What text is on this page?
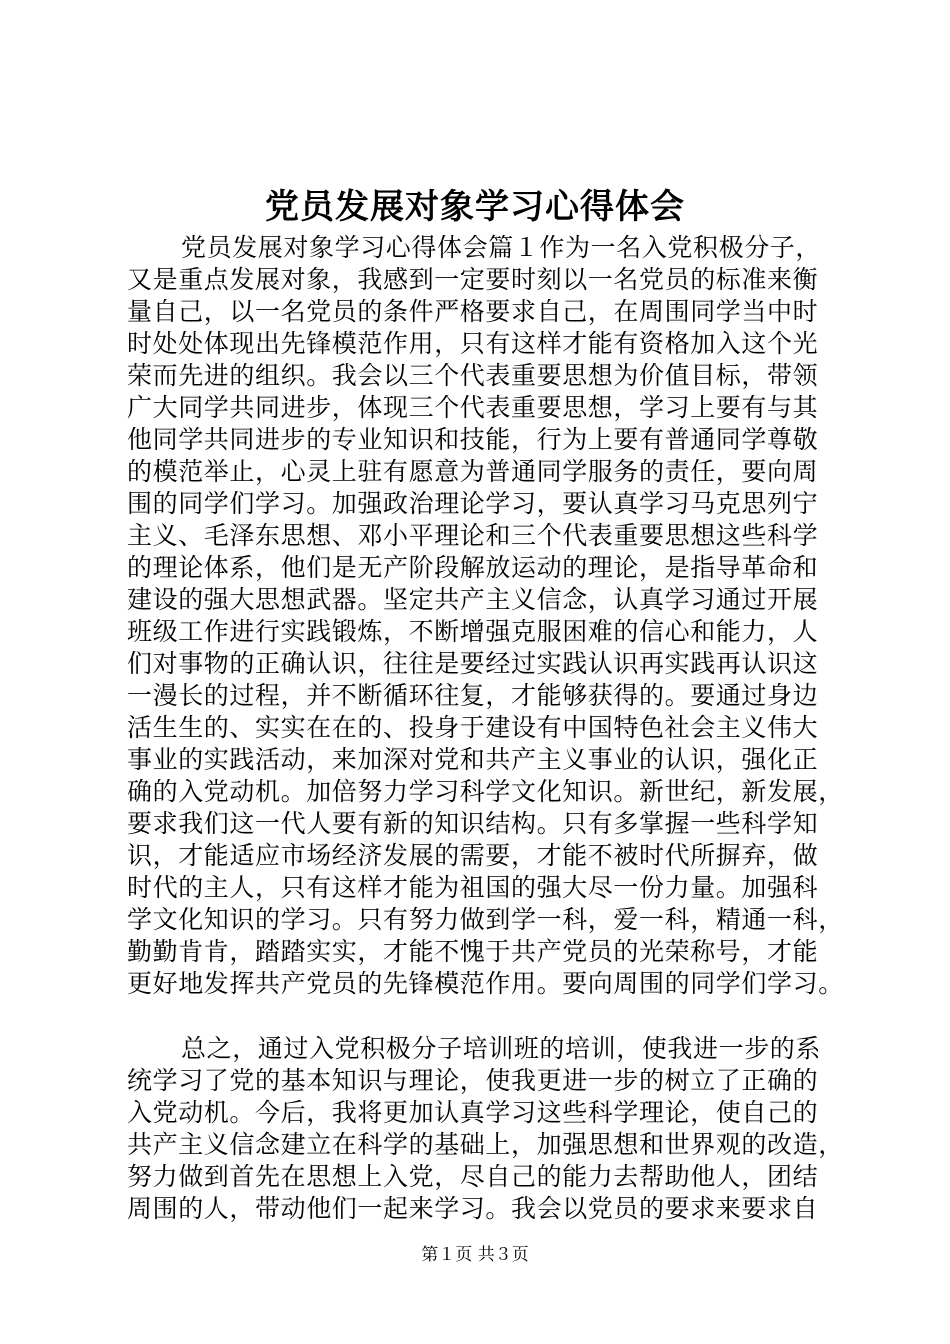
党员发展对象学习心得体会
党员发展对象学习心得体会篇１作为一名入党积极分子，
又是重点发展对象，我感到一定要时刻以一名党员的标准来衡
量自己，以一名党员的条件严格要求自己，在周围同学当中时
时处处体现出先锋模范作用，只有这样才能有资格加入这个光
荣而先进的组织。我会以三个代表重要思想为价值目标，带领
广大同学共同进步，体现三个代表重要思想，学习上要有与其
他同学共同进步的专业知识和技能，行为上要有普通同学尊敬
的模范举止，心灵上驻有愿意为普通同学服务的责任，要向周
围的同学们学习。加强政治理论学习，要认真学习马克思列宁
主义、毛泽东思想、邓小平理论和三个代表重要思想这些科学
的理论体系，他们是无产阶段解放运动的理论，是指导革命和
建设的强大思想武器。坚定共产主义信念，认真学习通过开展
班级工作进行实践锻炼，不断增强克服困难的信心和能力，人
们对事物的正确认识，往往是要经过实践认识再实践再认识这
一漫长的过程，并不断循环往复，才能够获得的。要通过身边
活生生的、实实在在的、投身于建设有中国特色社会主义伟大
事业的实践活动，来加深对党和共产主义事业的认识，强化正
确的入党动机。加倍努力学习科学文化知识。新世纪，新发展，
要求我们这一代人要有新的知识结构。只有多掌握一些科学知
识，才能适应市场经济发展的需要，才能不被时代所摒弃，做
时代的主人，只有这样才能为祖国的强大尽一份力量。加强科
学文化知识的学习。只有努力做到学一科，爱一科，精通一科，
勤勤肯肯，踏踏实实，才能不愧于共产党员的光荣称号，才能
更好地发挥共产党员的先锋模范作用。要向周围的同学们学习。
总之，通过入党积极分子培训班的培训，使我进一步的系
统学习了党的基本知识与理论，使我更进一步的树立了正确的
入党动机。今后，我将更加认真学习这些科学理论，使自己的
共产主义信念建立在科学的基础上，加强思想和世界观的改造，
努力做到首先在思想上入党，尽自己的能力去帮助他人，团结
周围的人，带动他们一起来学习。我会以党员的要求来要求自
第１页 共３页
